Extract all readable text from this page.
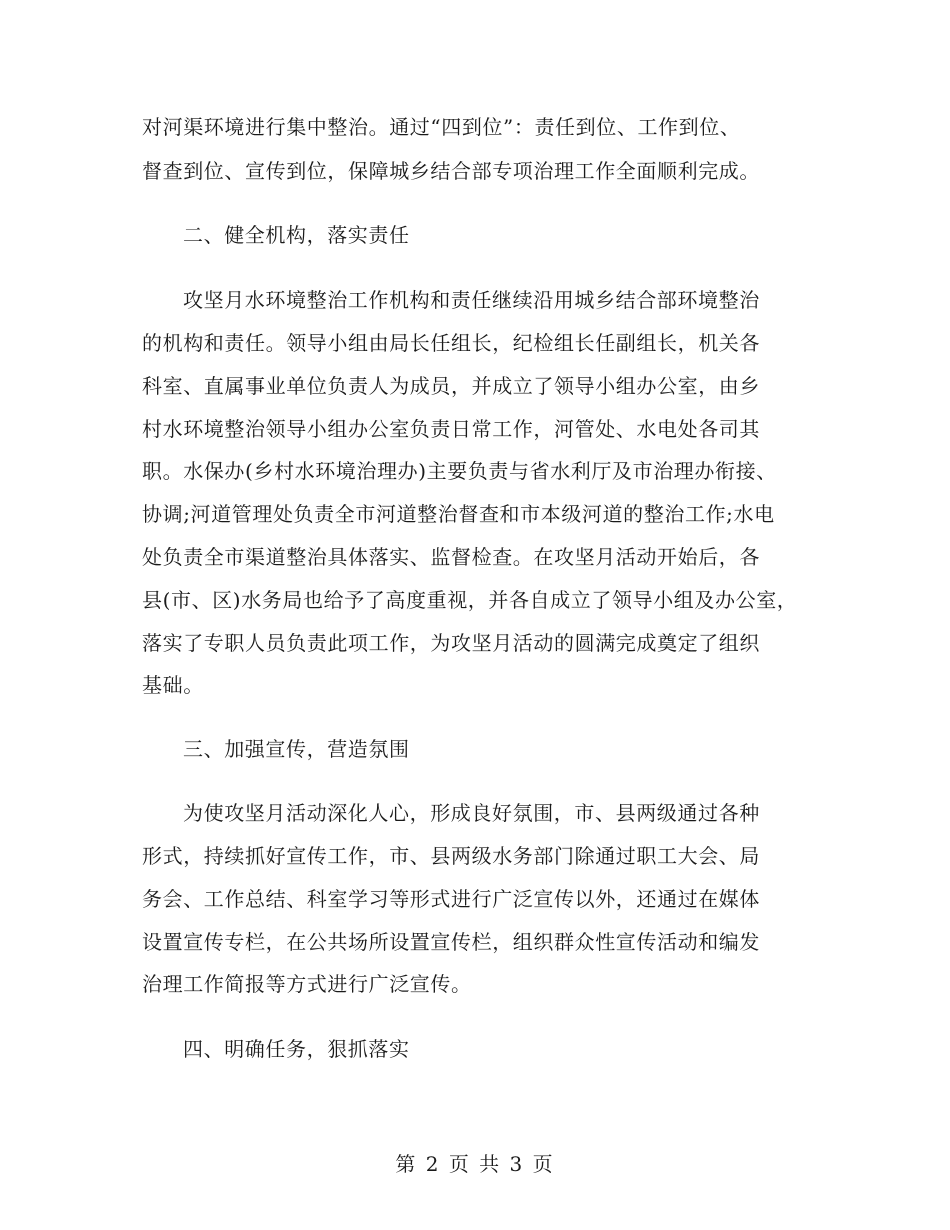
对河渠环境进行集中整治。通过“四到位”：责任到位、工作到位、
督查到位、宣传到位，保障城乡结合部专项治理工作全面顺利完成。
二、健全机构，落实责任
攻坚月水环境整治工作机构和责任继续沿用城乡结合部环境整治
的机构和责任。领导小组由局长任组长，纪检组长任副组长，机关各
科室、直属事业单位负责人为成员，并成立了领导小组办公室，由乡
村水环境整治领导小组办公室负责日常工作，河管处、水电处各司其
职。水保办(乡村水环境治理办)主要负责与省水利厅及市治理办衔接、
协调;河道管理处负责全市河道整治督查和市本级河道的整治工作;水电
处负责全市渠道整治具体落实、监督检查。在攻坚月活动开始后，各
县(市、区)水务局也给予了高度重视，并各自成立了领导小组及办公室，
落实了专职人员负责此项工作，为攻坚月活动的圆满完成奠定了组织
基础。
三、加强宣传，营造氛围
为使攻坚月活动深化人心，形成良好氛围，市、县两级通过各种
形式，持续抓好宣传工作，市、县两级水务部门除通过职工大会、局
务会、工作总结、科室学习等形式进行广泛宣传以外，还通过在媒体
设置宣传专栏，在公共场所设置宣传栏，组织群众性宣传活动和编发
治理工作简报等方式进行广泛宣传。
四、明确任务，狠抓落实
第 2 页 共 3 页
